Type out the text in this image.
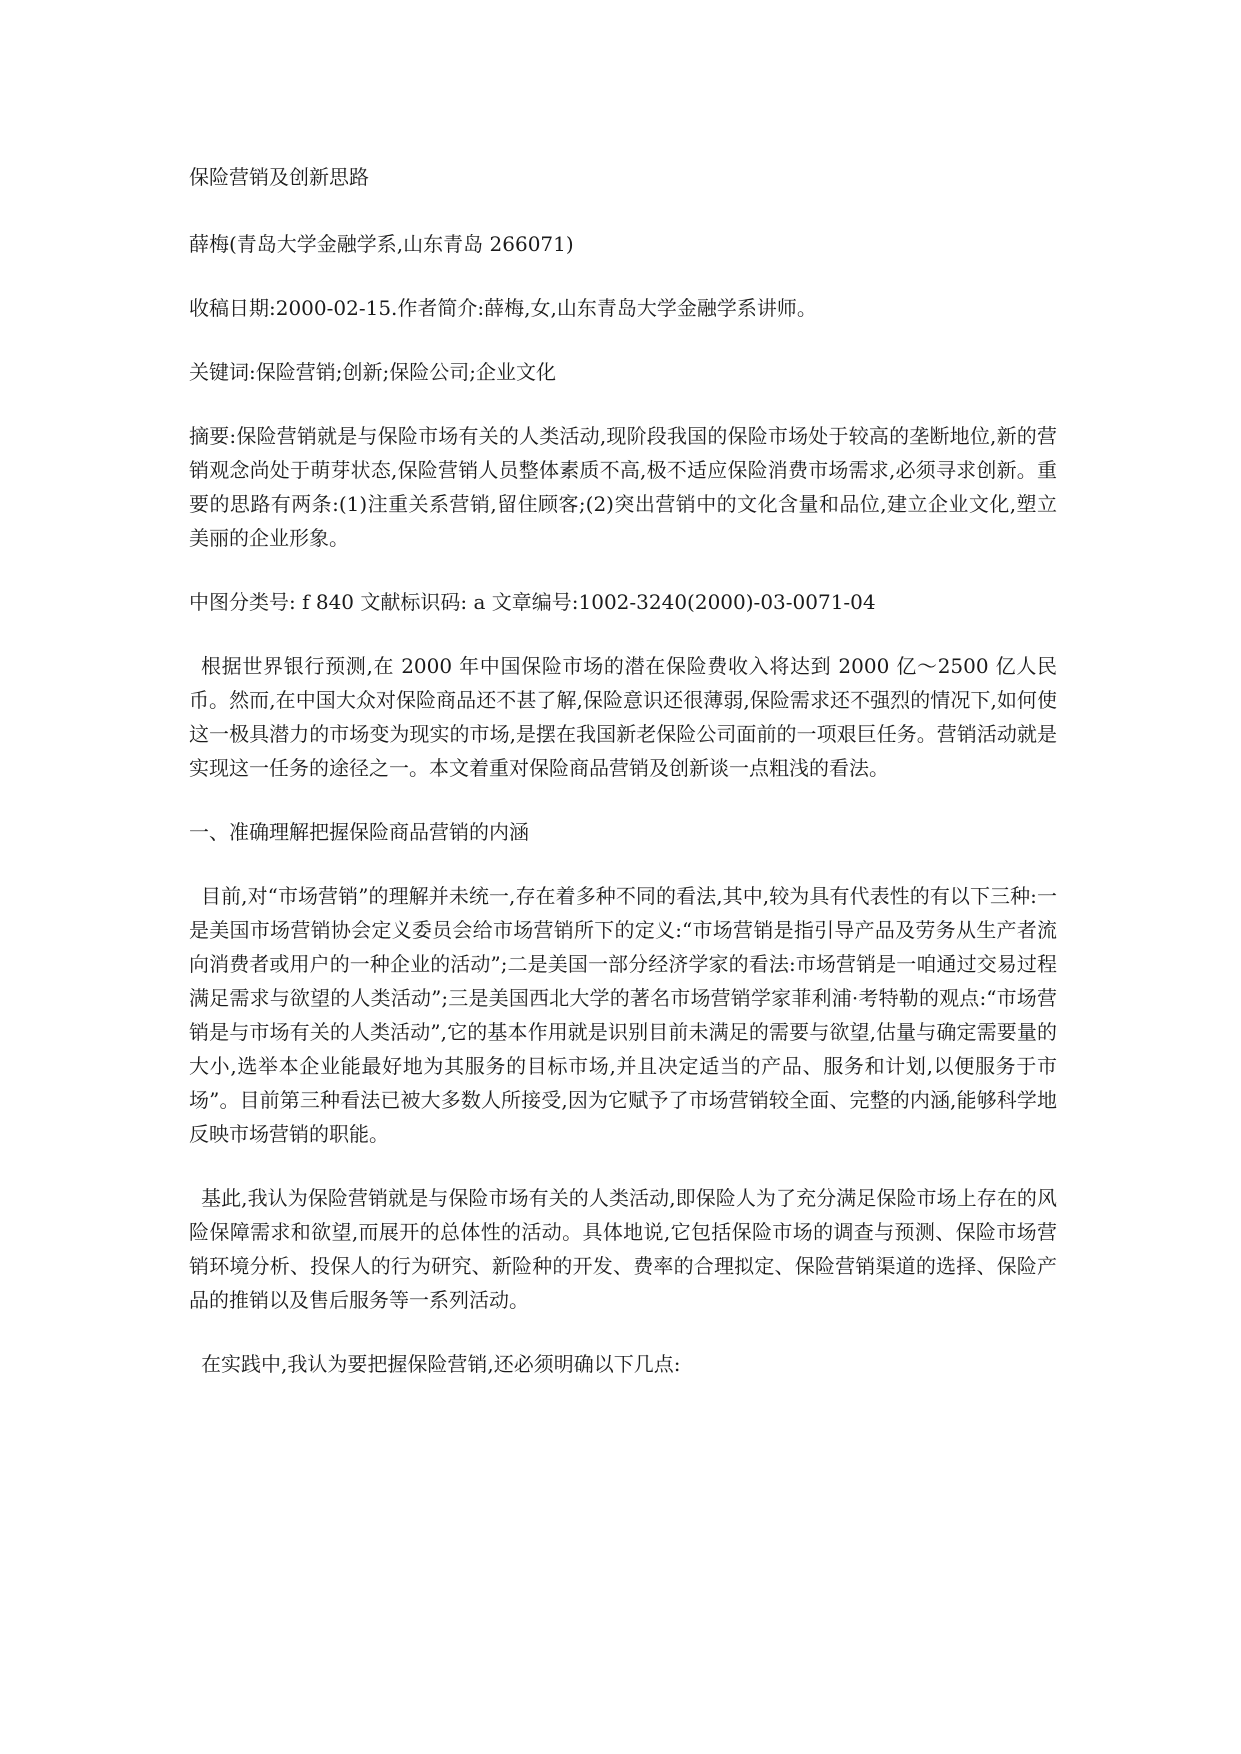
保险营销及创新思路

薛梅(青岛大学金融学系,山东青岛 266071)

收稿日期:2000-02-15.作者简介:薛梅,女,山东青岛大学金融学系讲师。

关键词:保险营销;创新;保险公司;企业文化

摘要:保险营销就是与保险市场有关的人类活动,现阶段我国的保险市场处于较高的垄断地位,新的营销观念尚处于萌芽状态,保险营销人员整体素质不高,极不适应保险消费市场需求,必须寻求创新。重要的思路有两条:(1)注重关系营销,留住顾客;(2)突出营销中的文化含量和品位,建立企业文化,塑立美丽的企业形象。

中图分类号: f 840 文献标识码: a 文章编号:1002-3240(2000)-03-0071-04

根据世界银行预测,在 2000 年中国保险市场的潜在保险费收入将达到 2000 亿～2500 亿人民币。然而,在中国大众对保险商品还不甚了解,保险意识还很薄弱,保险需求还不强烈的情况下,如何使这一极具潜力的市场变为现实的市场,是摆在我国新老保险公司面前的一项艰巨任务。营销活动就是实现这一任务的途径之一。本文着重对保险商品营销及创新谈一点粗浅的看法。

一、准确理解把握保险商品营销的内涵

目前,对“市场营销”的理解并未统一,存在着多种不同的看法,其中,较为具有代表性的有以下三种:一是美国市场营销协会定义委员会给市场营销所下的定义:“市场营销是指引导产品及劳务从生产者流向消费者或用户的一种企业的活动”;二是美国一部分经济学家的看法:市场营销是一咱通过交易过程满足需求与欲望的人类活动”;三是美国西北大学的著名市场营销学家菲利浦·考特勒的观点:“市场营销是与市场有关的人类活动”,它的基本作用就是识别目前未满足的需要与欲望,估量与确定需要量的大小,选举本企业能最好地为其服务的目标市场,并且决定适当的产品、服务和计划,以便服务于市场”。目前第三种看法已被大多数人所接受,因为它赋予了市场营销较全面、完整的内涵,能够科学地反映市场营销的职能。

基此,我认为保险营销就是与保险市场有关的人类活动,即保险人为了充分满足保险市场上存在的风险保障需求和欲望,而展开的总体性的活动。具体地说,它包括保险市场的调查与预测、保险市场营销环境分析、投保人的行为研究、新险种的开发、费率的合理拟定、保险营销渠道的选择、保险产品的推销以及售后服务等一系列活动。

在实践中,我认为要把握保险营销,还必须明确以下几点:
